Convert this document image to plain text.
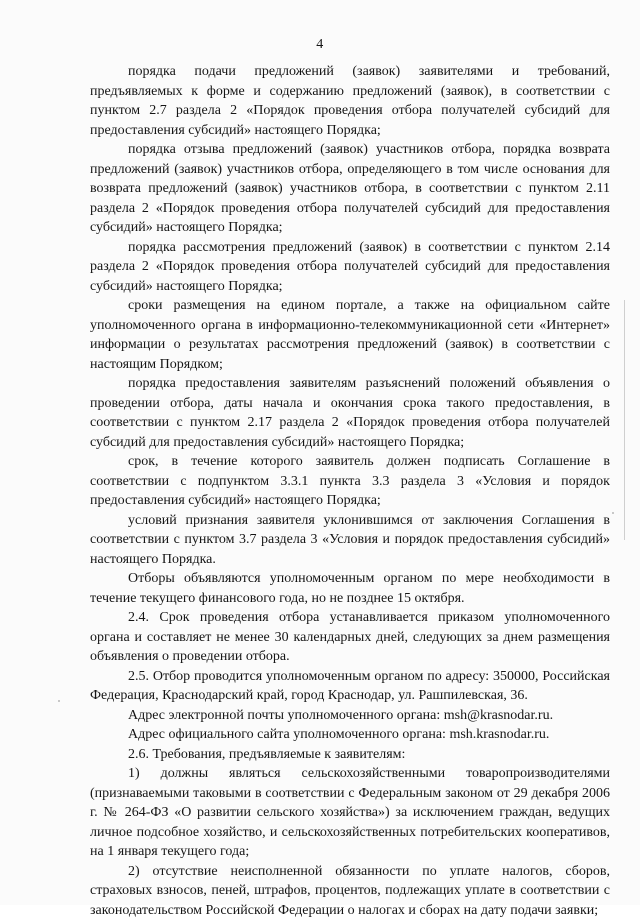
4

порядка подачи предложений (заявок) заявителями и требований, предъявляемых к форме и содержанию предложений (заявок), в соответствии с пунктом 2.7 раздела 2 «Порядок проведения отбора получателей субсидий для предоставления субсидий» настоящего Порядка;

порядка отзыва предложений (заявок) участников отбора, порядка возврата предложений (заявок) участников отбора, определяющего в том числе основания для возврата предложений (заявок) участников отбора, в соответствии с пунктом 2.11 раздела 2 «Порядок проведения отбора получателей субсидий для предоставления субсидий» настоящего Порядка;

порядка рассмотрения предложений (заявок) в соответствии с пунктом 2.14 раздела 2 «Порядок проведения отбора получателей субсидий для предоставления субсидий» настоящего Порядка;

сроки размещения на едином портале, а также на официальном сайте уполномоченного органа в информационно-телекоммуникационной сети «Интернет» информации о результатах рассмотрения предложений (заявок) в соответствии с настоящим Порядком;

порядка предоставления заявителям разъяснений положений объявления о проведении отбора, даты начала и окончания срока такого предоставления, в соответствии с пунктом 2.17 раздела 2 «Порядок проведения отбора получателей субсидий для предоставления субсидий» настоящего Порядка;

срок, в течение которого заявитель должен подписать Соглашение в соответствии с подпунктом 3.3.1 пункта 3.3 раздела 3 «Условия и порядок предоставления субсидий» настоящего Порядка;

условий признания заявителя уклонившимся от заключения Соглашения в соответствии с пунктом 3.7 раздела 3 «Условия и порядок предоставления субсидий» настоящего Порядка.

Отборы объявляются уполномоченным органом по мере необходимости в течение текущего финансового года, но не позднее 15 октября.

2.4. Срок проведения отбора устанавливается приказом уполномоченного органа и составляет не менее 30 календарных дней, следующих за днем размещения объявления о проведении отбора.

2.5. Отбор проводится уполномоченным органом по адресу: 350000, Российская Федерация, Краснодарский край, город Краснодар, ул. Рашпилевская, 36.

Адрес электронной почты уполномоченного органа: msh@krasnodar.ru.

Адрес официального сайта уполномоченного органа: msh.krasnodar.ru.

2.6. Требования, предъявляемые к заявителям:

1) должны являться сельскохозяйственными товаропроизводителями (признаваемыми таковыми в соответствии с Федеральным законом от 29 декабря 2006 г. № 264-ФЗ «О развитии сельского хозяйства») за исключением граждан, ведущих личное подсобное хозяйство, и сельскохозяйственных потребительских кооперативов, на 1 января текущего года;

2) отсутствие неисполненной обязанности по уплате налогов, сборов, страховых взносов, пеней, штрафов, процентов, подлежащих уплате в соответствии с законодательством Российской Федерации о налогах и сборах на дату подачи заявки;
